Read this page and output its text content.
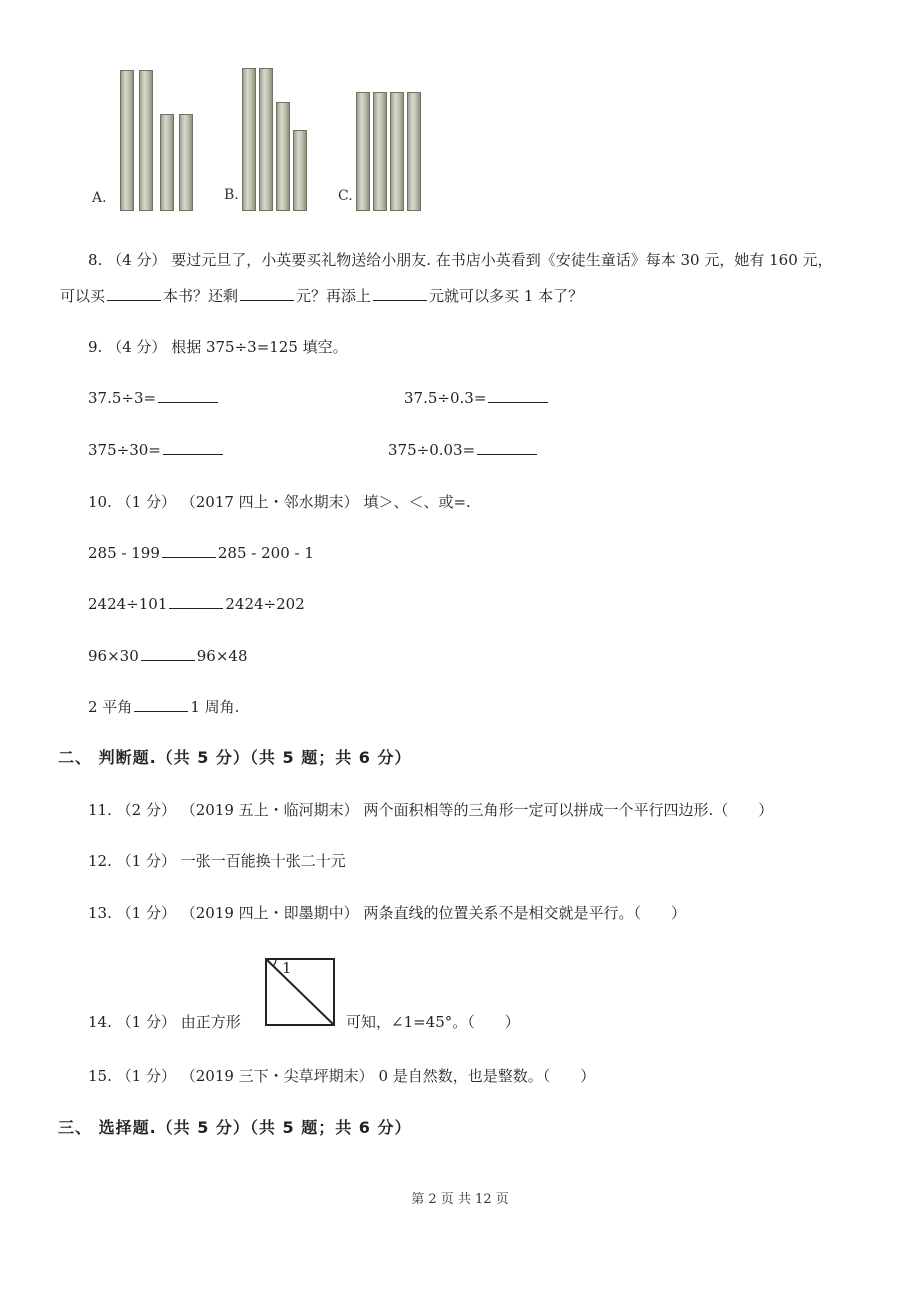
A.	B.	C.
8. （4 分） 要过元旦了，小英要买礼物送给小朋友. 在书店小英看到《安徒生童话》每本 30 元，她有 160 元，
可以买	本书？还剩	元？再添上	元就可以多买 1 本了？
9. （4 分） 根据 375÷3=125 填空。
37.5÷3=	37.5÷0.3=
375÷30=	375÷0.03=
10. （1 分） （2017 四上・邻水期末） 填＞、＜、或=.
285 - 199	285 - 200 - 1
2424÷101	2424÷202
96×30	96×48
2 平角	1 周角.
二、 判断题.（共 5 分）（共 5 题；共 6 分）
11. （2 分） （2019 五上・临河期末） 两个面积相等的三角形一定可以拼成一个平行四边形.（　　）
12. （1 分） 一张一百能换十张二十元
13. （1 分） （2019 四上・即墨期中） 两条直线的位置关系不是相交就是平行。（　　）
14. （1 分） 由正方形
1
可知，∠1=45°。（　　）
15. （1 分） （2019 三下・尖草坪期末） 0 是自然数，也是整数。（　　）
三、 选择题.（共 5 分）（共 5 题；共 6 分）
第 2 页 共 12 页
